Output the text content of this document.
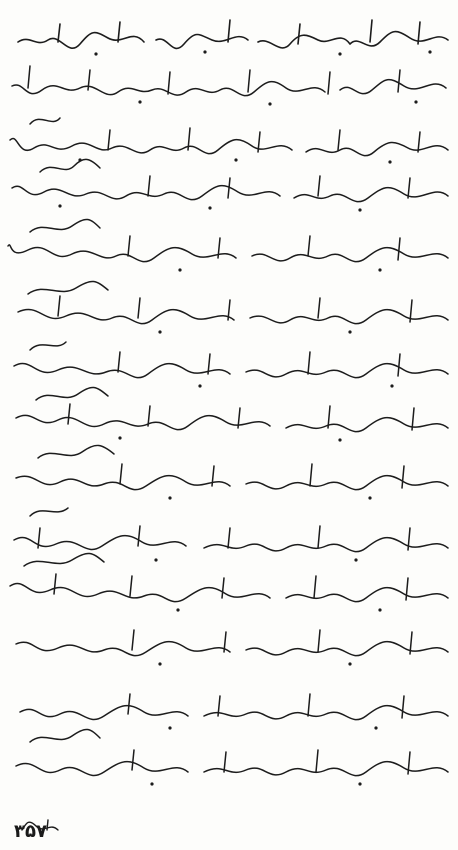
۳۵۷
